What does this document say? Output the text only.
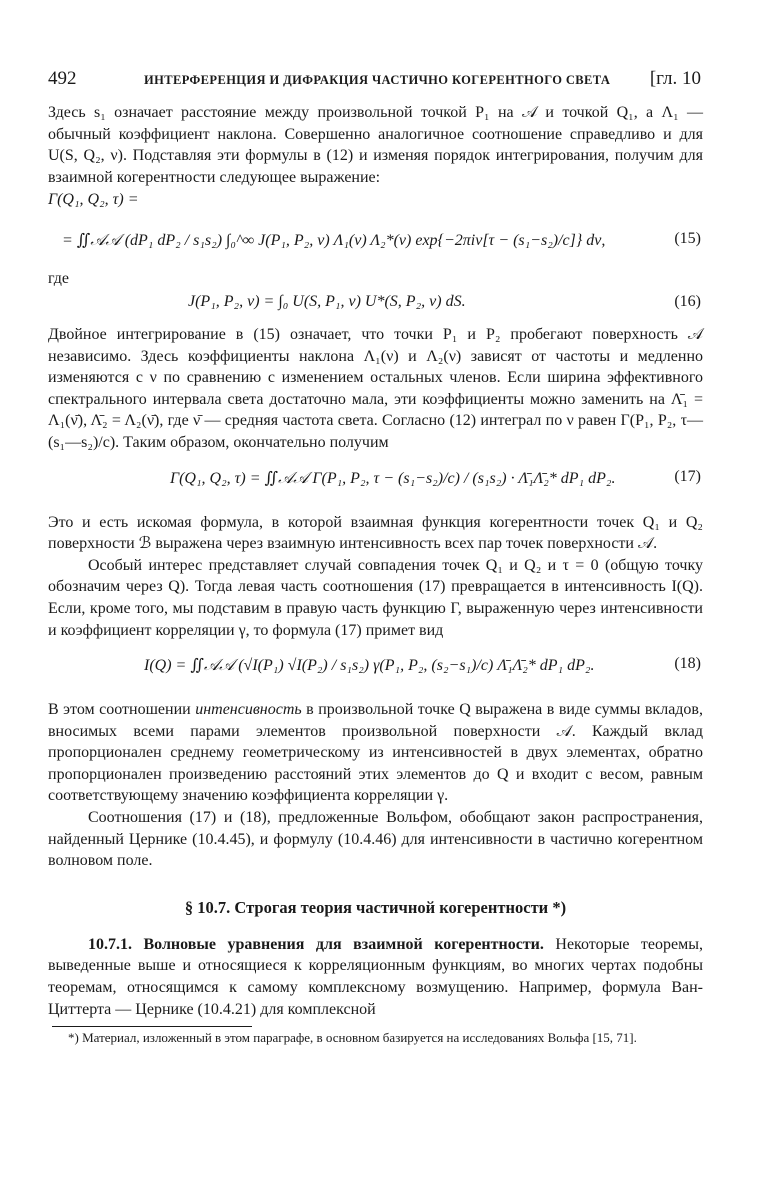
492	ИНТЕРФЕРЕНЦИЯ И ДИФРАКЦИЯ ЧАСТИЧНО КОГЕРЕНТНОГО СВЕТА [гл. 10

Здесь s₁ означает расстояние между произвольной точкой P₁ на 𝒜 и точкой Q₁, а Λ₁ — обычный коэффициент наклона. Совершенно аналогичное соотношение справедливо и для U(S, Q₂, ν). Подставляя эти формулы в (12) и изменяя порядок интегрирования, получим для взаимной когерентности следующее выражение:

Γ(Q₁, Q₂, τ) =
= ∬𝒜𝒜 (dP₁ dP₂ / s₁s₂) ∫₀^∞ J(P₁, P₂, ν) Λ₁(ν) Λ₂*(ν) exp{−2πiν[τ − (s₁−s₂)/c]} dν,	(15)
где
J(P₁, P₂, ν) = ∫₀ U(S, P₁, ν) U*(S, P₂, ν) dS.	(16)

Двойное интегрирование в (15) означает, что точки P₁ и P₂ пробегают поверхность 𝒜 независимо. Здесь коэффициенты наклона Λ₁(ν) и Λ₂(ν) зависят от частоты и медленно изменяются с ν по сравнению с изменением остальных членов. Если ширина эффективного спектрального интервала света достаточно мала, эти коэффициенты можно заменить на Λ̄₁ = Λ₁(ν̄), Λ̄₂ = Λ₂(ν̄), где ν̄ — средняя частота света. Согласно (12) интеграл по ν равен Γ(P₁, P₂, τ—(s₁—s₂)/c). Таким образом, окончательно получим

Γ(Q₁, Q₂, τ) = ∬𝒜𝒜 Γ(P₁, P₂, τ − (s₁−s₂)/c) / (s₁s₂) · Λ̄₁Λ̄₂* dP₁ dP₂.	(17)

Это и есть искомая формула, в которой взаимная функция когерентности точек Q₁ и Q₂ поверхности ℬ выражена через взаимную интенсивность всех пар точек поверхности 𝒜.

Особый интерес представляет случай совпадения точек Q₁ и Q₂ и τ = 0 (общую точку обозначим через Q). Тогда левая часть соотношения (17) превращается в интенсивность I(Q). Если, кроме того, мы подставим в правую часть функцию Γ, выраженную через интенсивности и коэффициент корреляции γ, то формула (17) примет вид

I(Q) = ∬𝒜𝒜 (√I(P₁) √I(P₂) / s₁s₂) γ(P₁, P₂, (s₂−s₁)/c) Λ̄₁Λ̄₂* dP₁ dP₂.	(18)

В этом соотношении интенсивность в произвольной точке Q выражена в виде суммы вкладов, вносимых всеми парами элементов произвольной поверхности 𝒜. Каждый вклад пропорционален среднему геометрическому из интенсивностей в двух элементах, обратно пропорционален произведению расстояний этих элементов до Q и входит с весом, равным соответствующему значению коэффициента корреляции γ.

Соотношения (17) и (18), предложенные Вольфом, обобщают закон распространения, найденный Цернике (10.4.45), и формулу (10.4.46) для интенсивности в частично когерентном волновом поле.

§ 10.7. Строгая теория частичной когерентности *)

10.7.1. Волновые уравнения для взаимной когерентности. Некоторые теоремы, выведенные выше и относящиеся к корреляционным функциям, во многих чертах подобны теоремам, относящимся к самому комплексному возмущению. Например, формула Ван-Циттерта — Цернике (10.4.21) для комплексной

*) Материал, изложенный в этом параграфе, в основном базируется на исследованиях Вольфа [15, 71].
